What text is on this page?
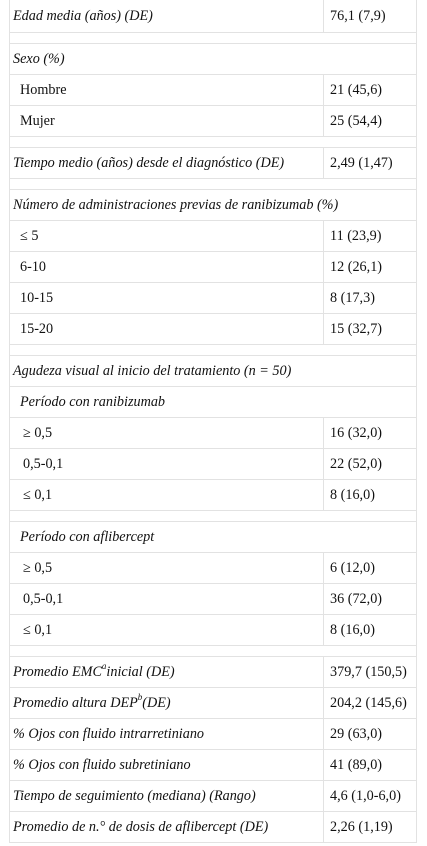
Edad media (años) (DE)	76,1 (7,9)
Sexo (%)
Hombre	21 (45,6)
Mujer	25 (54,4)
Tiempo medio (años) desde el diagnóstico (DE)	2,49 (1,47)
Número de administraciones previas de ranibizumab (%)
≤ 5	11 (23,9)
6-10	12 (26,1)
10-15	8 (17,3)
15-20	15 (32,7)
Agudeza visual al inicio del tratamiento (n = 50)
Período con ranibizumab
≥ 0,5	16 (32,0)
0,5-0,1	22 (52,0)
≤ 0,1	8 (16,0)
Período con aflibercept
≥ 0,5	6 (12,0)
0,5-0,1	36 (72,0)
≤ 0,1	8 (16,0)
Promedio EMC$^a$inicial (DE)	379,7 (150,5)
Promedio altura DEP$^b$(DE)	204,2 (145,6)
% Ojos con fluido intrarretiniano	29 (63,0)
% Ojos con fluido subretiniano	41 (89,0)
Tiempo de seguimiento (mediana) (Rango)	4,6 (1,0-6,0)
Promedio de n.° de dosis de aflibercept (DE)	2,26 (1,19)
